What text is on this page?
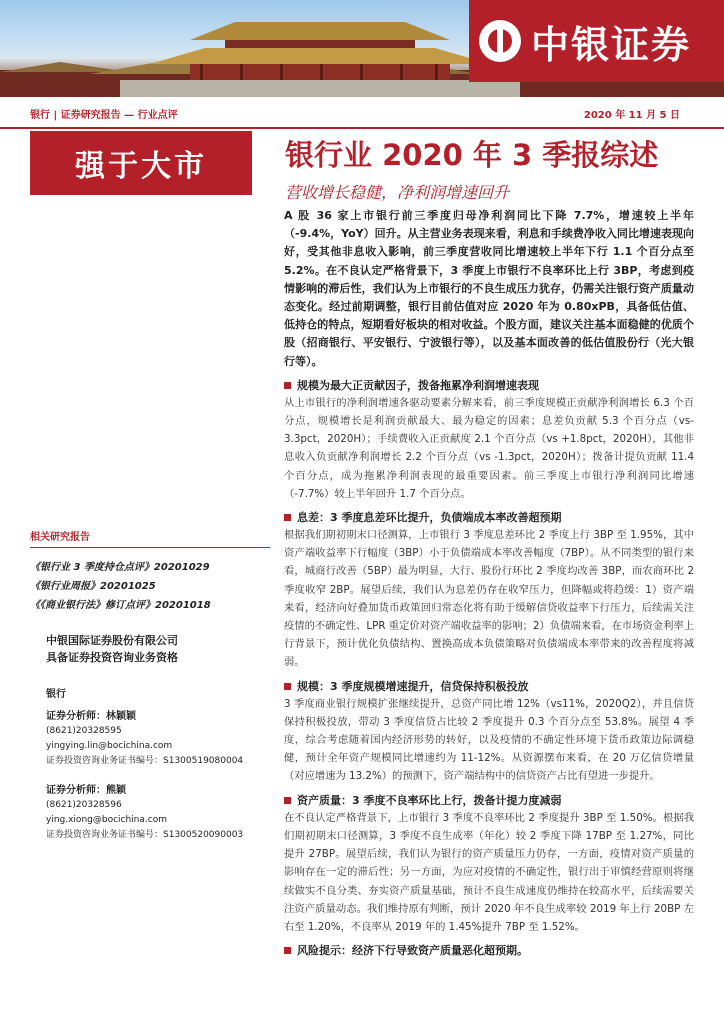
中银证券
银行 | 证券研究报告 — 行业点评	2020 年 11 月 5 日
强于大市	银行业 2020 年 3 季报综述
营收增长稳健，净利润增速回升

A 股 36 家上市银行前三季度归母净利润同比下降 7.7%，增速较上半年（-9.4%，YoY）回升。从主营业务表现来看，利息和手续费净收入同比增速表现向好，受其他非息收入影响，前三季度营收同比增速较上半年下行 1.1 个百分点至 5.2%。在不良认定严格背景下，3 季度上市银行不良率环比上行 3BP，考虑到疫情影响的滞后性，我们认为上市银行的不良生成压力犹存，仍需关注银行资产质量动态变化。经过前期调整，银行目前估值对应 2020 年为 0.80xPB，具备低估值、低持仓的特点，短期看好板块的相对收益。个股方面，建议关注基本面稳健的优质个股（招商银行、平安银行、宁波银行等），以及基本面改善的低估值股份行（光大银行等）。

规模为最大正贡献因子，拨备拖累净利润增速表现

从上市银行的净利润增速各驱动要素分解来看，前三季度规模正贡献净利润增长 6.3 个百分点，规模增长是利润贡献最大、最为稳定的因素；息差负贡献 5.3 个百分点（vs-3.3pct，2020H）；手续费收入正贡献度 2.1 个百分点（vs +1.8pct，2020H），其他非息收入负贡献净利润增长 2.2 个百分点（vs -1.3pct，2020H）；拨备计提负贡献 11.4 个百分点，成为拖累净利润表现的最重要因素。前三季度上市银行净利润同比增速（-7.7%）较上半年回升 1.7 个百分点。

息差：3 季度息差环比提升，负债端成本率改善超预期

根据我们期初期末口径测算，上市银行 3 季度息差环比 2 季度上行 3BP 至 1.95%，其中资产端收益率下行幅度（3BP）小于负债端成本率改善幅度（7BP）。从不同类型的银行来看，城商行改善（5BP）最为明显，大行、股份行环比 2 季度均改善 3BP，而农商环比 2 季度收窄 2BP。展望后续，我们认为息差仍存在收窄压力，但降幅或将趋缓：1）资产端来看，经济向好叠加货币政策回归常态化将有助于缓解信贷收益率下行压力，后续需关注疫情的不确定性、LPR 重定价对资产端收益率的影响；2）负债端来看，在市场资金利率上行背景下，预计优化负债结构、置换高成本负债策略对负债端成本率带来的改善程度将减弱。

规模：3 季度规模增速提升，信贷保持积极投放

3 季度商业银行规模扩张继续提升，总资产同比增 12%（vs11%，2020Q2），并且信贷保持积极投放，带动 3 季度信贷占比较 2 季度提升 0.3 个百分点至 53.8%。展望 4 季度，综合考虑随着国内经济形势的转好，以及疫情的不确定性环境下货币政策边际调稳健，预计全年资产规模同比增速约为 11-12%。从资源摆布来看，在 20 万亿信贷增量（对应增速为 13.2%）的预测下，资产端结构中的信贷资产占比有望进一步提升。

资产质量：3 季度不良率环比上行，拨备计提力度减弱

在不良认定严格背景下，上市银行 3 季度不良率环比 2 季度提升 3BP 至 1.50%。根据我们期初期末口径测算，3 季度不良生成率（年化）较 2 季度下降 17BP 至 1.27%，同比提升 27BP。展望后续，我们认为银行的资产质量压力仍存，一方面，疫情对资产质量的影响存在一定的滞后性；另一方面，为应对疫情的不确定性，银行出于审慎经营原则将继续做实不良分类、夯实资产质量基础，预计不良生成速度仍维持在较高水平，后续需要关注资产质量动态。我们维持原有判断，预计 2020 年不良生成率较 2019 年上行 20BP 左右至 1.20%，不良率从 2019 年的 1.45%提升 7BP 至 1.52%。

风险提示：经济下行导致资产质量恶化超预期。
相关研究报告
《银行业 3 季度持仓点评》20201029
《银行业周报》20201025
《《商业银行法》修订点评》20201018
中银国际证券股份有限公司
具备证券投资咨询业务资格
银行
证券分析师：林颖颖
(8621)20328595
yingying.lin@bocichina.com
证券投资咨询业务证书编号：S1300519080004
证券分析师：熊颖
(8621)20328596
ying.xiong@bocichina.com
证券投资咨询业务证书编号：S1300520090003
